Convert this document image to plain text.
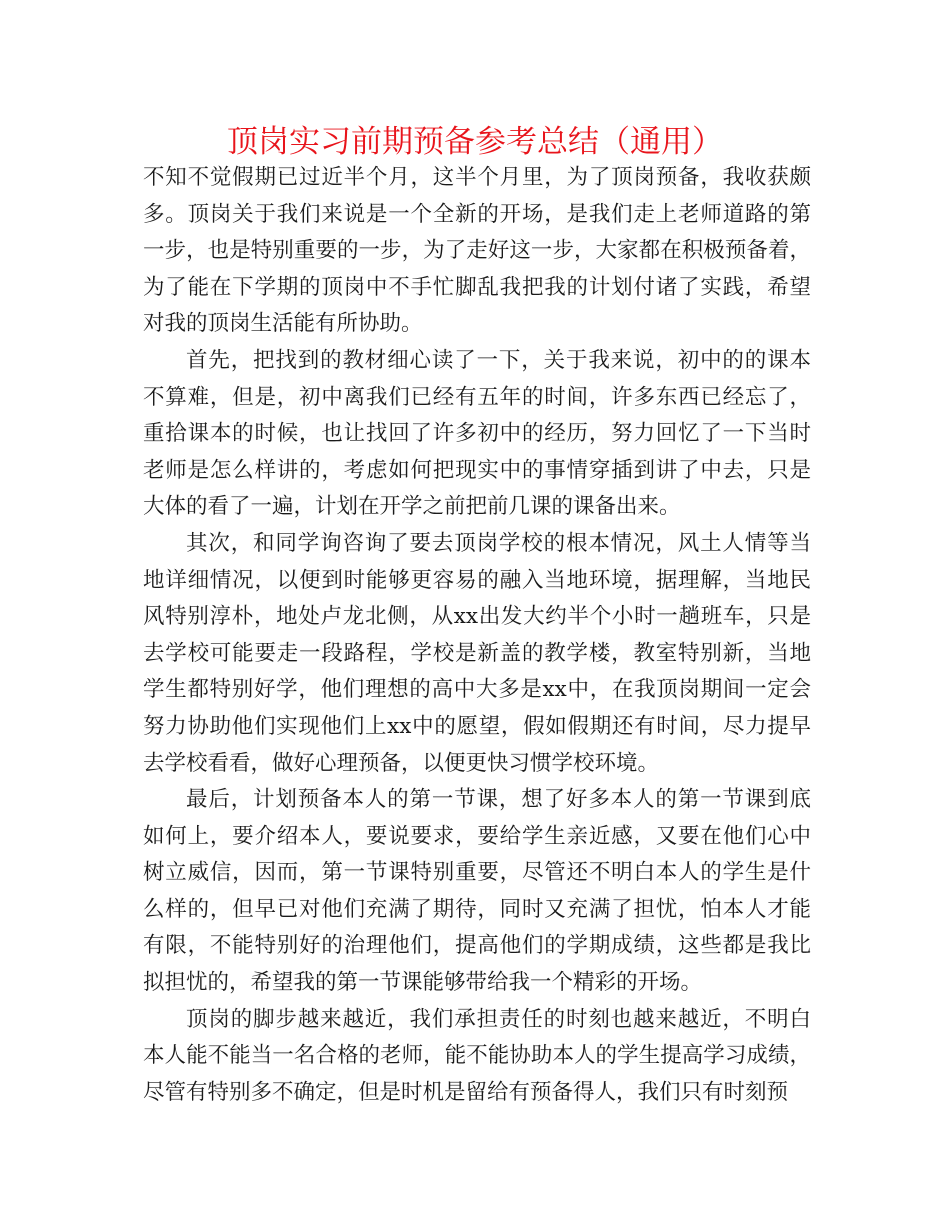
顶岗实习前期预备参考总结（通用）
不知不觉假期已过近半个月，这半个月里，为了顶岗预备，我收获颇
多。顶岗关于我们来说是一个全新的开场，是我们走上老师道路的第
一步，也是特别重要的一步，为了走好这一步，大家都在积极预备着，
为了能在下学期的顶岗中不手忙脚乱我把我的计划付诸了实践，希望
对我的顶岗生活能有所协助。
首先，把找到的教材细心读了一下，关于我来说，初中的的课本
不算难，但是，初中离我们已经有五年的时间，许多东西已经忘了，
重拾课本的时候，也让找回了许多初中的经历，努力回忆了一下当时
老师是怎么样讲的，考虑如何把现实中的事情穿插到讲了中去，只是
大体的看了一遍，计划在开学之前把前几课的课备出来。
其次，和同学询咨询了要去顶岗学校的根本情况，风土人情等当
地详细情况，以便到时能够更容易的融入当地环境，据理解，当地民
风特别淳朴，地处卢龙北侧，从xx出发大约半个小时一趟班车，只是
去学校可能要走一段路程，学校是新盖的教学楼，教室特别新，当地
学生都特别好学，他们理想的高中大多是xx中，在我顶岗期间一定会
努力协助他们实现他们上xx中的愿望，假如假期还有时间，尽力提早
去学校看看，做好心理预备，以便更快习惯学校环境。
最后，计划预备本人的第一节课，想了好多本人的第一节课到底
如何上，要介绍本人，要说要求，要给学生亲近感，又要在他们心中
树立威信，因而，第一节课特别重要，尽管还不明白本人的学生是什
么样的，但早已对他们充满了期待，同时又充满了担忧，怕本人才能
有限，不能特别好的治理他们，提高他们的学期成绩，这些都是我比
拟担忧的，希望我的第一节课能够带给我一个精彩的开场。
顶岗的脚步越来越近，我们承担责任的时刻也越来越近，不明白
本人能不能当一名合格的老师，能不能协助本人的学生提高学习成绩，
尽管有特别多不确定，但是时机是留给有预备得人，我们只有时刻预
